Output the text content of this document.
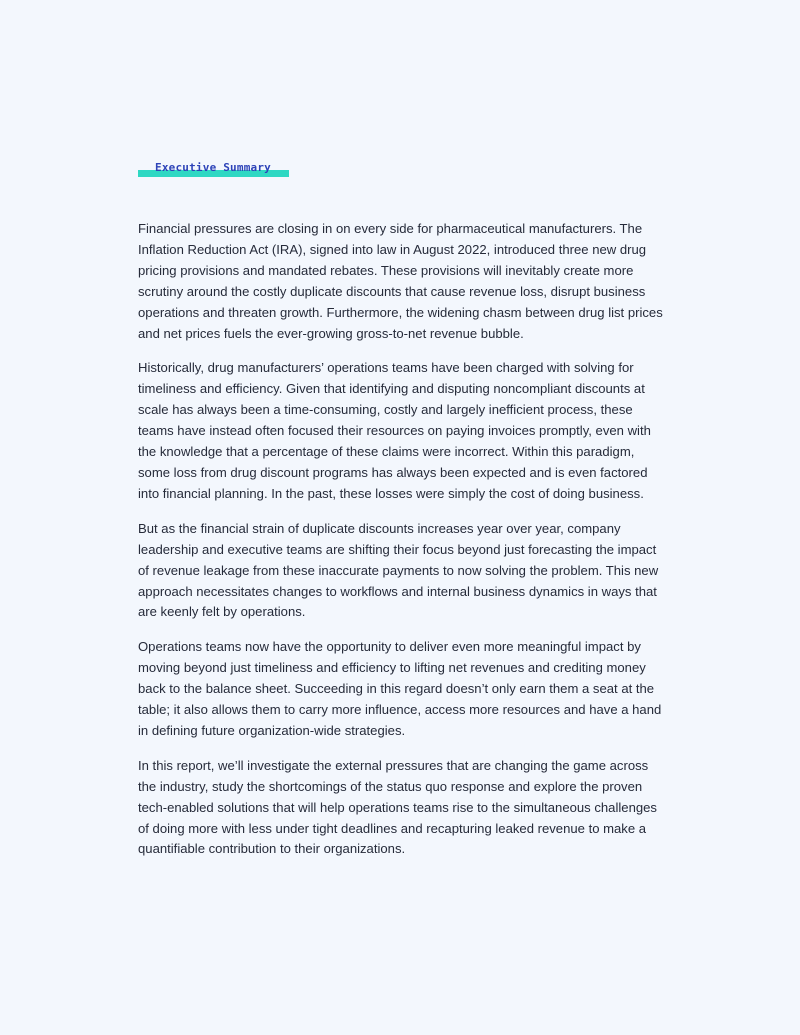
Executive Summary

Financial pressures are closing in on every side for pharmaceutical manufacturers. The Inflation Reduction Act (IRA), signed into law in August 2022, introduced three new drug pricing provisions and mandated rebates. These provisions will inevitably create more scrutiny around the costly duplicate discounts that cause revenue loss, disrupt business operations and threaten growth. Furthermore, the widening chasm between drug list prices and net prices fuels the ever-growing gross-to-net revenue bubble.

Historically, drug manufacturers’ operations teams have been charged with solving for timeliness and efficiency. Given that identifying and disputing noncompliant discounts at scale has always been a time-consuming, costly and largely inefficient process, these teams have instead often focused their resources on paying invoices promptly, even with the knowledge that a percentage of these claims were incorrect. Within this paradigm, some loss from drug discount programs has always been expected and is even factored into financial planning. In the past, these losses were simply the cost of doing business.

But as the financial strain of duplicate discounts increases year over year, company leadership and executive teams are shifting their focus beyond just forecasting the impact of revenue leakage from these inaccurate payments to now solving the problem. This new approach necessitates changes to workflows and internal business dynamics in ways that are keenly felt by operations.

Operations teams now have the opportunity to deliver even more meaningful impact by moving beyond just timeliness and efficiency to lifting net revenues and crediting money back to the balance sheet. Succeeding in this regard doesn’t only earn them a seat at the table; it also allows them to carry more influence, access more resources and have a hand in defining future organization-wide strategies.

In this report, we’ll investigate the external pressures that are changing the game across the industry, study the shortcomings of the status quo response and explore the proven tech-enabled solutions that will help operations teams rise to the simultaneous challenges of doing more with less under tight deadlines and recapturing leaked revenue to make a quantifiable contribution to their organizations.
